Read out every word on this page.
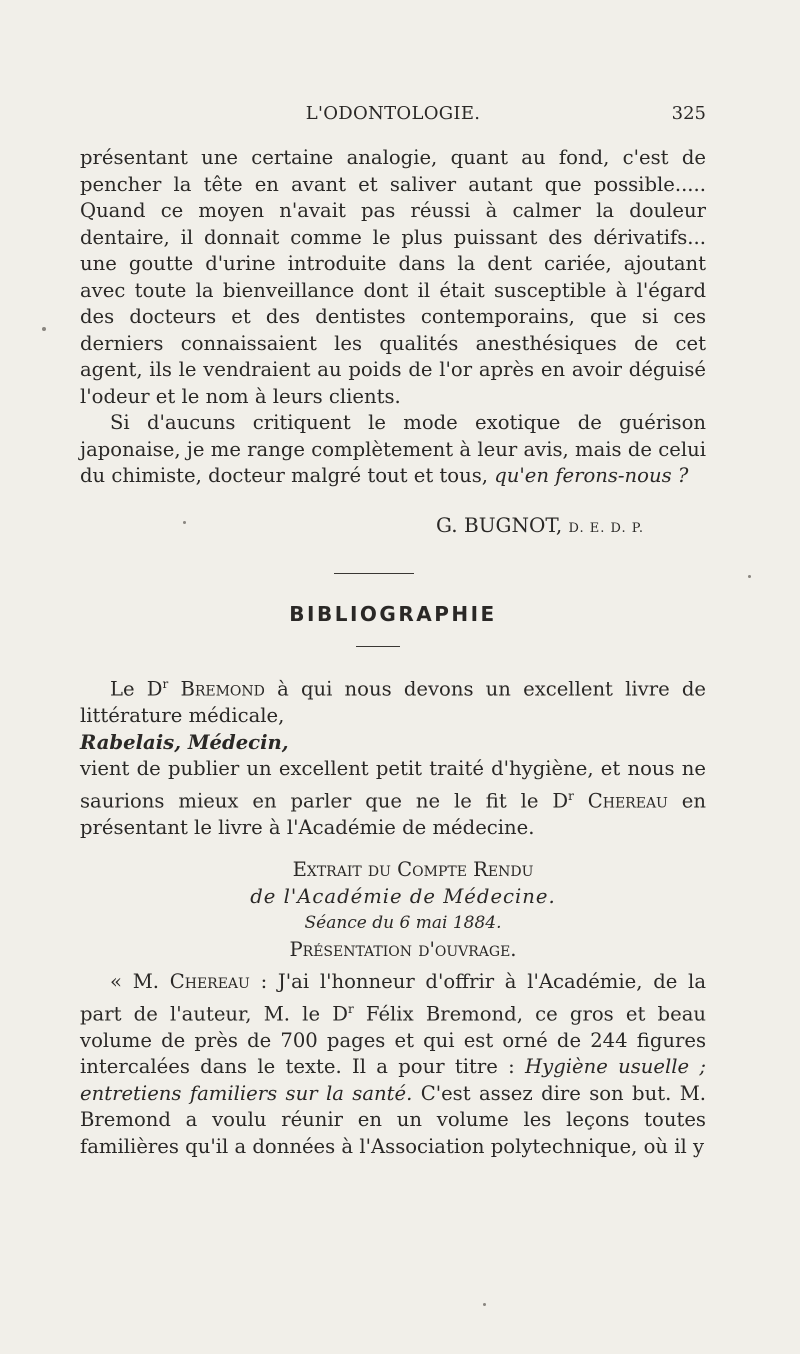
L'ODONTOLOGIE.	325

présentant une certaine analogie, quant au fond, c'est de pencher la tête en avant et saliver autant que possible..... Quand ce moyen n'avait pas réussi à calmer la douleur dentaire, il donnait comme le plus puissant des dérivatifs... une goutte d'urine introduite dans la dent cariée, ajoutant avec toute la bienveillance dont il était susceptible à l'égard des docteurs et des dentistes contemporains, que si ces derniers connaissaient les qualités anesthésiques de cet agent, ils le vendraient au poids de l'or après en avoir déguisé l'odeur et le nom à leurs clients.

Si d'aucuns critiquent le mode exotique de guérison japonaise, je me range complètement à leur avis, mais de celui du chimiste, docteur malgré tout et tous, qu'en ferons-nous ?

G. BUGNOT, D. E. D. P.
BIBLIOGRAPHIE

Le $D^r$ Bremond à qui nous devons un excellent livre de littérature médicale,

Rabelais, Médecin,

vient de publier un excellent petit traité d'hygiène, et nous ne saurions mieux en parler que ne le fit le $D^r$ Chereau en présentant le livre à l'Académie de médecine.

Extrait du Compte Rendu

de l'Académie de Médecine.

Séance du 6 mai 1884.

Présentation d'ouvrage.

« M. Chereau : J'ai l'honneur d'offrir à l'Académie, de la part de l'auteur, M. le $D^r$ Félix Bremond, ce gros et beau volume de près de 700 pages et qui est orné de 244 figures intercalées dans le texte. Il a pour titre : Hygiène usuelle ; entretiens familiers sur la santé. C'est assez dire son but. M. Bremond a voulu réunir en un volume les leçons toutes familières qu'il a données à l'Association polytechnique, où il y
